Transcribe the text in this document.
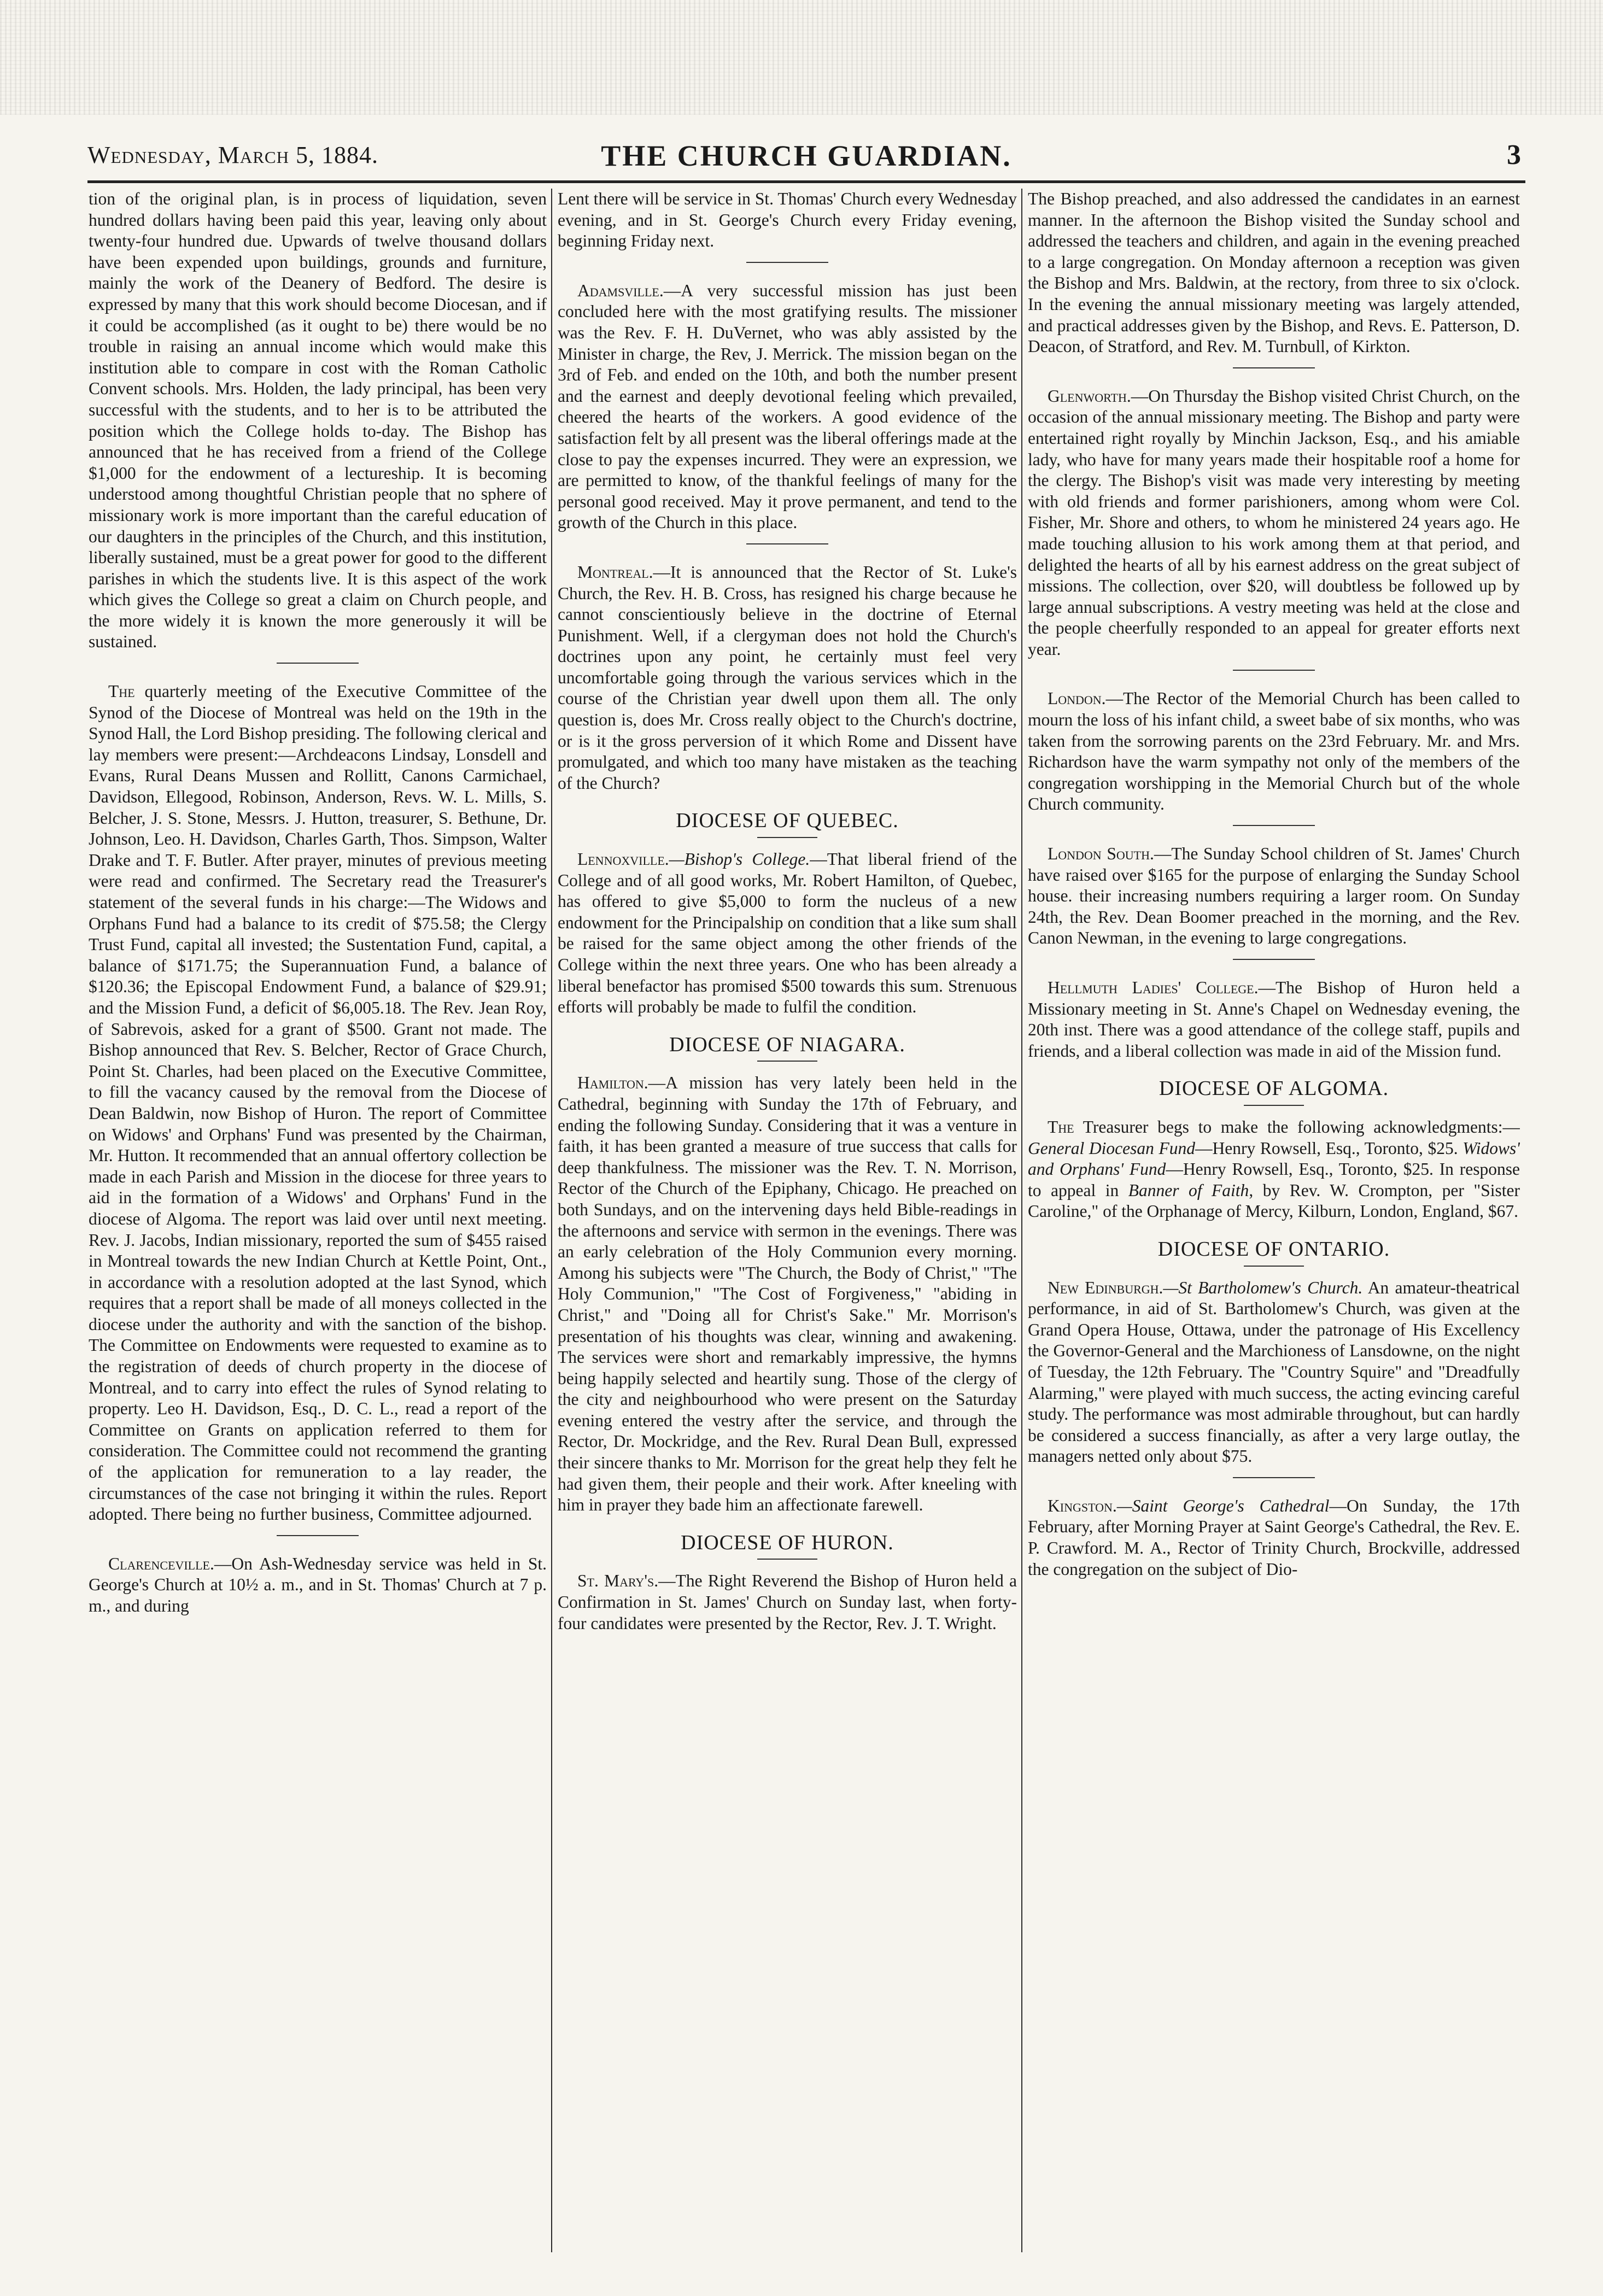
Wednesday, March 5, 1884.	THE CHURCH GUARDIAN.	3

tion of the original plan, is in process of liquidation, seven hundred dollars having been paid this year, leaving only about twenty-four hundred due. Upwards of twelve thousand dollars have been expended upon buildings, grounds and furniture, mainly the work of the Deanery of Bedford. The desire is expressed by many that this work should become Diocesan, and if it could be accomplished (as it ought to be) there would be no trouble in raising an annual income which would make this institution able to compare in cost with the Roman Catholic Convent schools. Mrs. Holden, the lady principal, has been very successful with the students, and to her is to be attributed the position which the College holds to-day. The Bishop has announced that he has received from a friend of the College $1,000 for the endowment of a lectureship. It is becoming understood among thoughtful Christian people that no sphere of missionary work is more important than the careful education of our daughters in the principles of the Church, and this institution, liberally sustained, must be a great power for good to the different parishes in which the students live. It is this aspect of the work which gives the College so great a claim on Church people, and the more widely it is known the more generously it will be sustained.

The quarterly meeting of the Executive Committee of the Synod of the Diocese of Montreal was held on the 19th in the Synod Hall, the Lord Bishop presiding. The following clerical and lay members were present:—Archdeacons Lindsay, Lonsdell and Evans, Rural Deans Mussen and Rollitt, Canons Carmichael, Davidson, Ellegood, Robinson, Anderson, Revs. W. L. Mills, S. Belcher, J. S. Stone, Messrs. J. Hutton, treasurer, S. Bethune, Dr. Johnson, Leo. H. Davidson, Charles Garth, Thos. Simpson, Walter Drake and T. F. Butler. After prayer, minutes of previous meeting were read and confirmed. The Secretary read the Treasurer's statement of the several funds in his charge:—The Widows and Orphans Fund had a balance to its credit of $75.58; the Clergy Trust Fund, capital all invested; the Sustentation Fund, capital, a balance of $171.75; the Superannuation Fund, a balance of $120.36; the Episcopal Endowment Fund, a balance of $29.91; and the Mission Fund, a deficit of $6,005.18. The Rev. Jean Roy, of Sabrevois, asked for a grant of $500. Grant not made. The Bishop announced that Rev. S. Belcher, Rector of Grace Church, Point St. Charles, had been placed on the Executive Committee, to fill the vacancy caused by the removal from the Diocese of Dean Baldwin, now Bishop of Huron. The report of Committee on Widows' and Orphans' Fund was presented by the Chairman, Mr. Hutton. It recommended that an annual offertory collection be made in each Parish and Mission in the diocese for three years to aid in the formation of a Widows' and Orphans' Fund in the diocese of Algoma. The report was laid over until next meeting. Rev. J. Jacobs, Indian missionary, reported the sum of $455 raised in Montreal towards the new Indian Church at Kettle Point, Ont., in accordance with a resolution adopted at the last Synod, which requires that a report shall be made of all moneys collected in the diocese under the authority and with the sanction of the bishop. The Committee on Endowments were requested to examine as to the registration of deeds of church property in the diocese of Montreal, and to carry into effect the rules of Synod relating to property. Leo H. Davidson, Esq., D. C. L., read a report of the Committee on Grants on application referred to them for consideration. The Committee could not recommend the granting of the application for remuneration to a lay reader, the circumstances of the case not bringing it within the rules. Report adopted. There being no further business, Committee adjourned.

Clarenceville.—On Ash-Wednesday service was held in St. George's Church at 10½ a. m., and in St. Thomas' Church at 7 p. m., and during

Lent there will be service in St. Thomas' Church every Wednesday evening, and in St. George's Church every Friday evening, beginning Friday next.

Adamsville.—A very successful mission has just been concluded here with the most gratifying results. The missioner was the Rev. F. H. DuVernet, who was ably assisted by the Minister in charge, the Rev, J. Merrick. The mission began on the 3rd of Feb. and ended on the 10th, and both the number present and the earnest and deeply devotional feeling which prevailed, cheered the hearts of the workers. A good evidence of the satisfaction felt by all present was the liberal offerings made at the close to pay the expenses incurred. They were an expression, we are permitted to know, of the thankful feelings of many for the personal good received. May it prove permanent, and tend to the growth of the Church in this place.

Montreal.—It is announced that the Rector of St. Luke's Church, the Rev. H. B. Cross, has resigned his charge because he cannot conscientiously believe in the doctrine of Eternal Punishment. Well, if a clergyman does not hold the Church's doctrines upon any point, he certainly must feel very uncomfortable going through the various services which in the course of the Christian year dwell upon them all. The only question is, does Mr. Cross really object to the Church's doctrine, or is it the gross perversion of it which Rome and Dissent have promulgated, and which too many have mistaken as the teaching of the Church?

DIOCESE OF QUEBEC.

Lennoxville.—Bishop's College.—That liberal friend of the College and of all good works, Mr. Robert Hamilton, of Quebec, has offered to give $5,000 to form the nucleus of a new endowment for the Principalship on condition that a like sum shall be raised for the same object among the other friends of the College within the next three years. One who has been already a liberal benefactor has promised $500 towards this sum. Strenuous efforts will probably be made to fulfil the condition.

DIOCESE OF NIAGARA.

Hamilton.—A mission has very lately been held in the Cathedral, beginning with Sunday the 17th of February, and ending the following Sunday. Considering that it was a venture in faith, it has been granted a measure of true success that calls for deep thankfulness. The missioner was the Rev. T. N. Morrison, Rector of the Church of the Epiphany, Chicago. He preached on both Sundays, and on the intervening days held Bible-readings in the afternoons and service with sermon in the evenings. There was an early celebration of the Holy Communion every morning. Among his subjects were "The Church, the Body of Christ," "The Holy Communion," "The Cost of Forgiveness," "abiding in Christ," and "Doing all for Christ's Sake." Mr. Morrison's presentation of his thoughts was clear, winning and awakening. The services were short and remarkably impressive, the hymns being happily selected and heartily sung. Those of the clergy of the city and neighbourhood who were present on the Saturday evening entered the vestry after the service, and through the Rector, Dr. Mockridge, and the Rev. Rural Dean Bull, expressed their sincere thanks to Mr. Morrison for the great help they felt he had given them, their people and their work. After kneeling with him in prayer they bade him an affectionate farewell.

DIOCESE OF HURON.

St. Mary's.—The Right Reverend the Bishop of Huron held a Confirmation in St. James' Church on Sunday last, when forty-four candidates were presented by the Rector, Rev. J. T. Wright.

The Bishop preached, and also addressed the candidates in an earnest manner. In the afternoon the Bishop visited the Sunday school and addressed the teachers and children, and again in the evening preached to a large congregation. On Monday afternoon a reception was given the Bishop and Mrs. Baldwin, at the rectory, from three to six o'clock. In the evening the annual missionary meeting was largely attended, and practical addresses given by the Bishop, and Revs. E. Patterson, D. Deacon, of Stratford, and Rev. M. Turnbull, of Kirkton.

Glenworth.—On Thursday the Bishop visited Christ Church, on the occasion of the annual missionary meeting. The Bishop and party were entertained right royally by Minchin Jackson, Esq., and his amiable lady, who have for many years made their hospitable roof a home for the clergy. The Bishop's visit was made very interesting by meeting with old friends and former parishioners, among whom were Col. Fisher, Mr. Shore and others, to whom he ministered 24 years ago. He made touching allusion to his work among them at that period, and delighted the hearts of all by his earnest address on the great subject of missions. The collection, over $20, will doubtless be followed up by large annual subscriptions. A vestry meeting was held at the close and the people cheerfully responded to an appeal for greater efforts next year.

London.—The Rector of the Memorial Church has been called to mourn the loss of his infant child, a sweet babe of six months, who was taken from the sorrowing parents on the 23rd February. Mr. and Mrs. Richardson have the warm sympathy not only of the members of the congregation worshipping in the Memorial Church but of the whole Church community.

London South.—The Sunday School children of St. James' Church have raised over $165 for the purpose of enlarging the Sunday School house. their increasing numbers requiring a larger room. On Sunday 24th, the Rev. Dean Boomer preached in the morning, and the Rev. Canon Newman, in the evening to large congregations.

Hellmuth Ladies' College.—The Bishop of Huron held a Missionary meeting in St. Anne's Chapel on Wednesday evening, the 20th inst. There was a good attendance of the college staff, pupils and friends, and a liberal collection was made in aid of the Mission fund.

DIOCESE OF ALGOMA.

The Treasurer begs to make the following acknowledgments:—General Diocesan Fund—Henry Rowsell, Esq., Toronto, $25. Widows' and Orphans' Fund—Henry Rowsell, Esq., Toronto, $25. In response to appeal in Banner of Faith, by Rev. W. Crompton, per "Sister Caroline," of the Orphanage of Mercy, Kilburn, London, England, $67.

DIOCESE OF ONTARIO.

New Edinburgh.—St Bartholomew's Church. An amateur-theatrical performance, in aid of St. Bartholomew's Church, was given at the Grand Opera House, Ottawa, under the patronage of His Excellency the Governor-General and the Marchioness of Lansdowne, on the night of Tuesday, the 12th February. The "Country Squire" and "Dreadfully Alarming," were played with much success, the acting evincing careful study. The performance was most admirable throughout, but can hardly be considered a success financially, as after a very large outlay, the managers netted only about $75.

Kingston.—Saint George's Cathedral—On Sunday, the 17th February, after Morning Prayer at Saint George's Cathedral, the Rev. E. P. Crawford. M. A., Rector of Trinity Church, Brockville, addressed the congregation on the subject of Dio-
